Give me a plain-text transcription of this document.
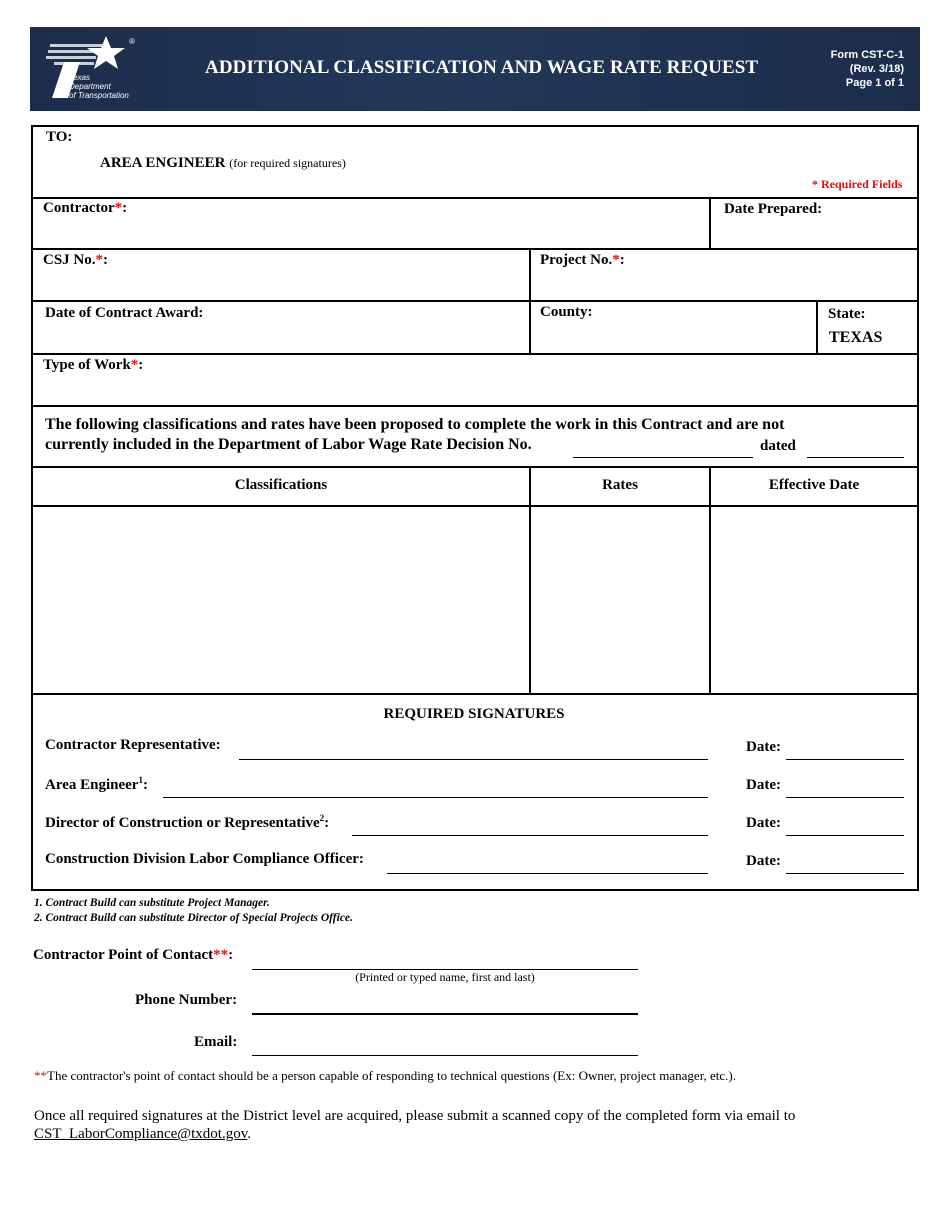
®
Texas
Department
of Transportation
ADDITIONAL CLASSIFICATION AND WAGE RATE REQUEST
Form CST-C-1
(Rev. 3/18)
Page 1 of 1
TO:
AREA ENGINEER (for required signatures)
* Required Fields
Contractor*:	Date Prepared:
CSJ No.*:	Project No.*:
Date of Contract Award:	County:	State:
TEXAS
Type of Work*:
The following classifications and rates have been proposed to complete the work in this Contract and are not
currently included in the Department of Labor Wage Rate Decision No.	dated
Classifications	Rates	Effective Date
REQUIRED SIGNATURES
Contractor Representative:	Date:
Area Engineer$^1$:	Date:
Director of Construction or Representative$^2$:	Date:
Construction Division Labor Compliance Officer:	Date:
1. Contract Build can substitute Project Manager.
2. Contract Build can substitute Director of Special Projects Office.
Contractor Point of Contact**:
(Printed or typed name, first and last)
Phone Number:
Email:
**The contractor's point of contact should be a person capable of responding to technical questions (Ex: Owner, project manager, etc.).
Once all required signatures at the District level are acquired, please submit a scanned copy of the completed form via email to
CST_LaborCompliance@txdot.gov.
